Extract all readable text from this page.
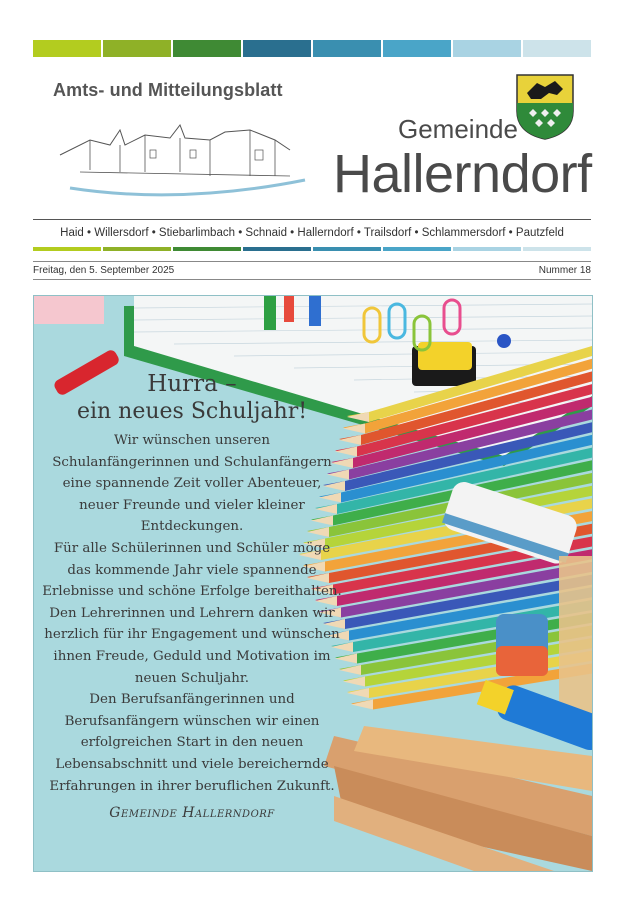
Amts- und Mitteilungsblatt
Gemeinde
Hallerndorf
Haid • Willersdorf • Stiebarlimbach • Schnaid • Hallerndorf • Trailsdorf • Schlammersdorf • Pautzfeld
Freitag, den 5. September 2025	Nummer 18
Hurra –
ein neues Schuljahr!
Wir wünschen unseren
Schulanfängerinnen und Schulanfängern
eine spannende Zeit voller Abenteuer,
neuer Freunde und vieler kleiner
Entdeckungen.
Für alle Schülerinnen und Schüler möge
das kommende Jahr viele spannende
Erlebnisse und schöne Erfolge bereithalten.
Den Lehrerinnen und Lehrern danken wir
herzlich für ihr Engagement und wünschen
ihnen Freude, Geduld und Motivation im
neuen Schuljahr.
Den Berufsanfängerinnen und
Berufsanfängern wünschen wir einen
erfolgreichen Start in den neuen
Lebensabschnitt und viele bereichernde
Erfahrungen in ihrer beruflichen Zukunft.
Gemeinde Hallerndorf
